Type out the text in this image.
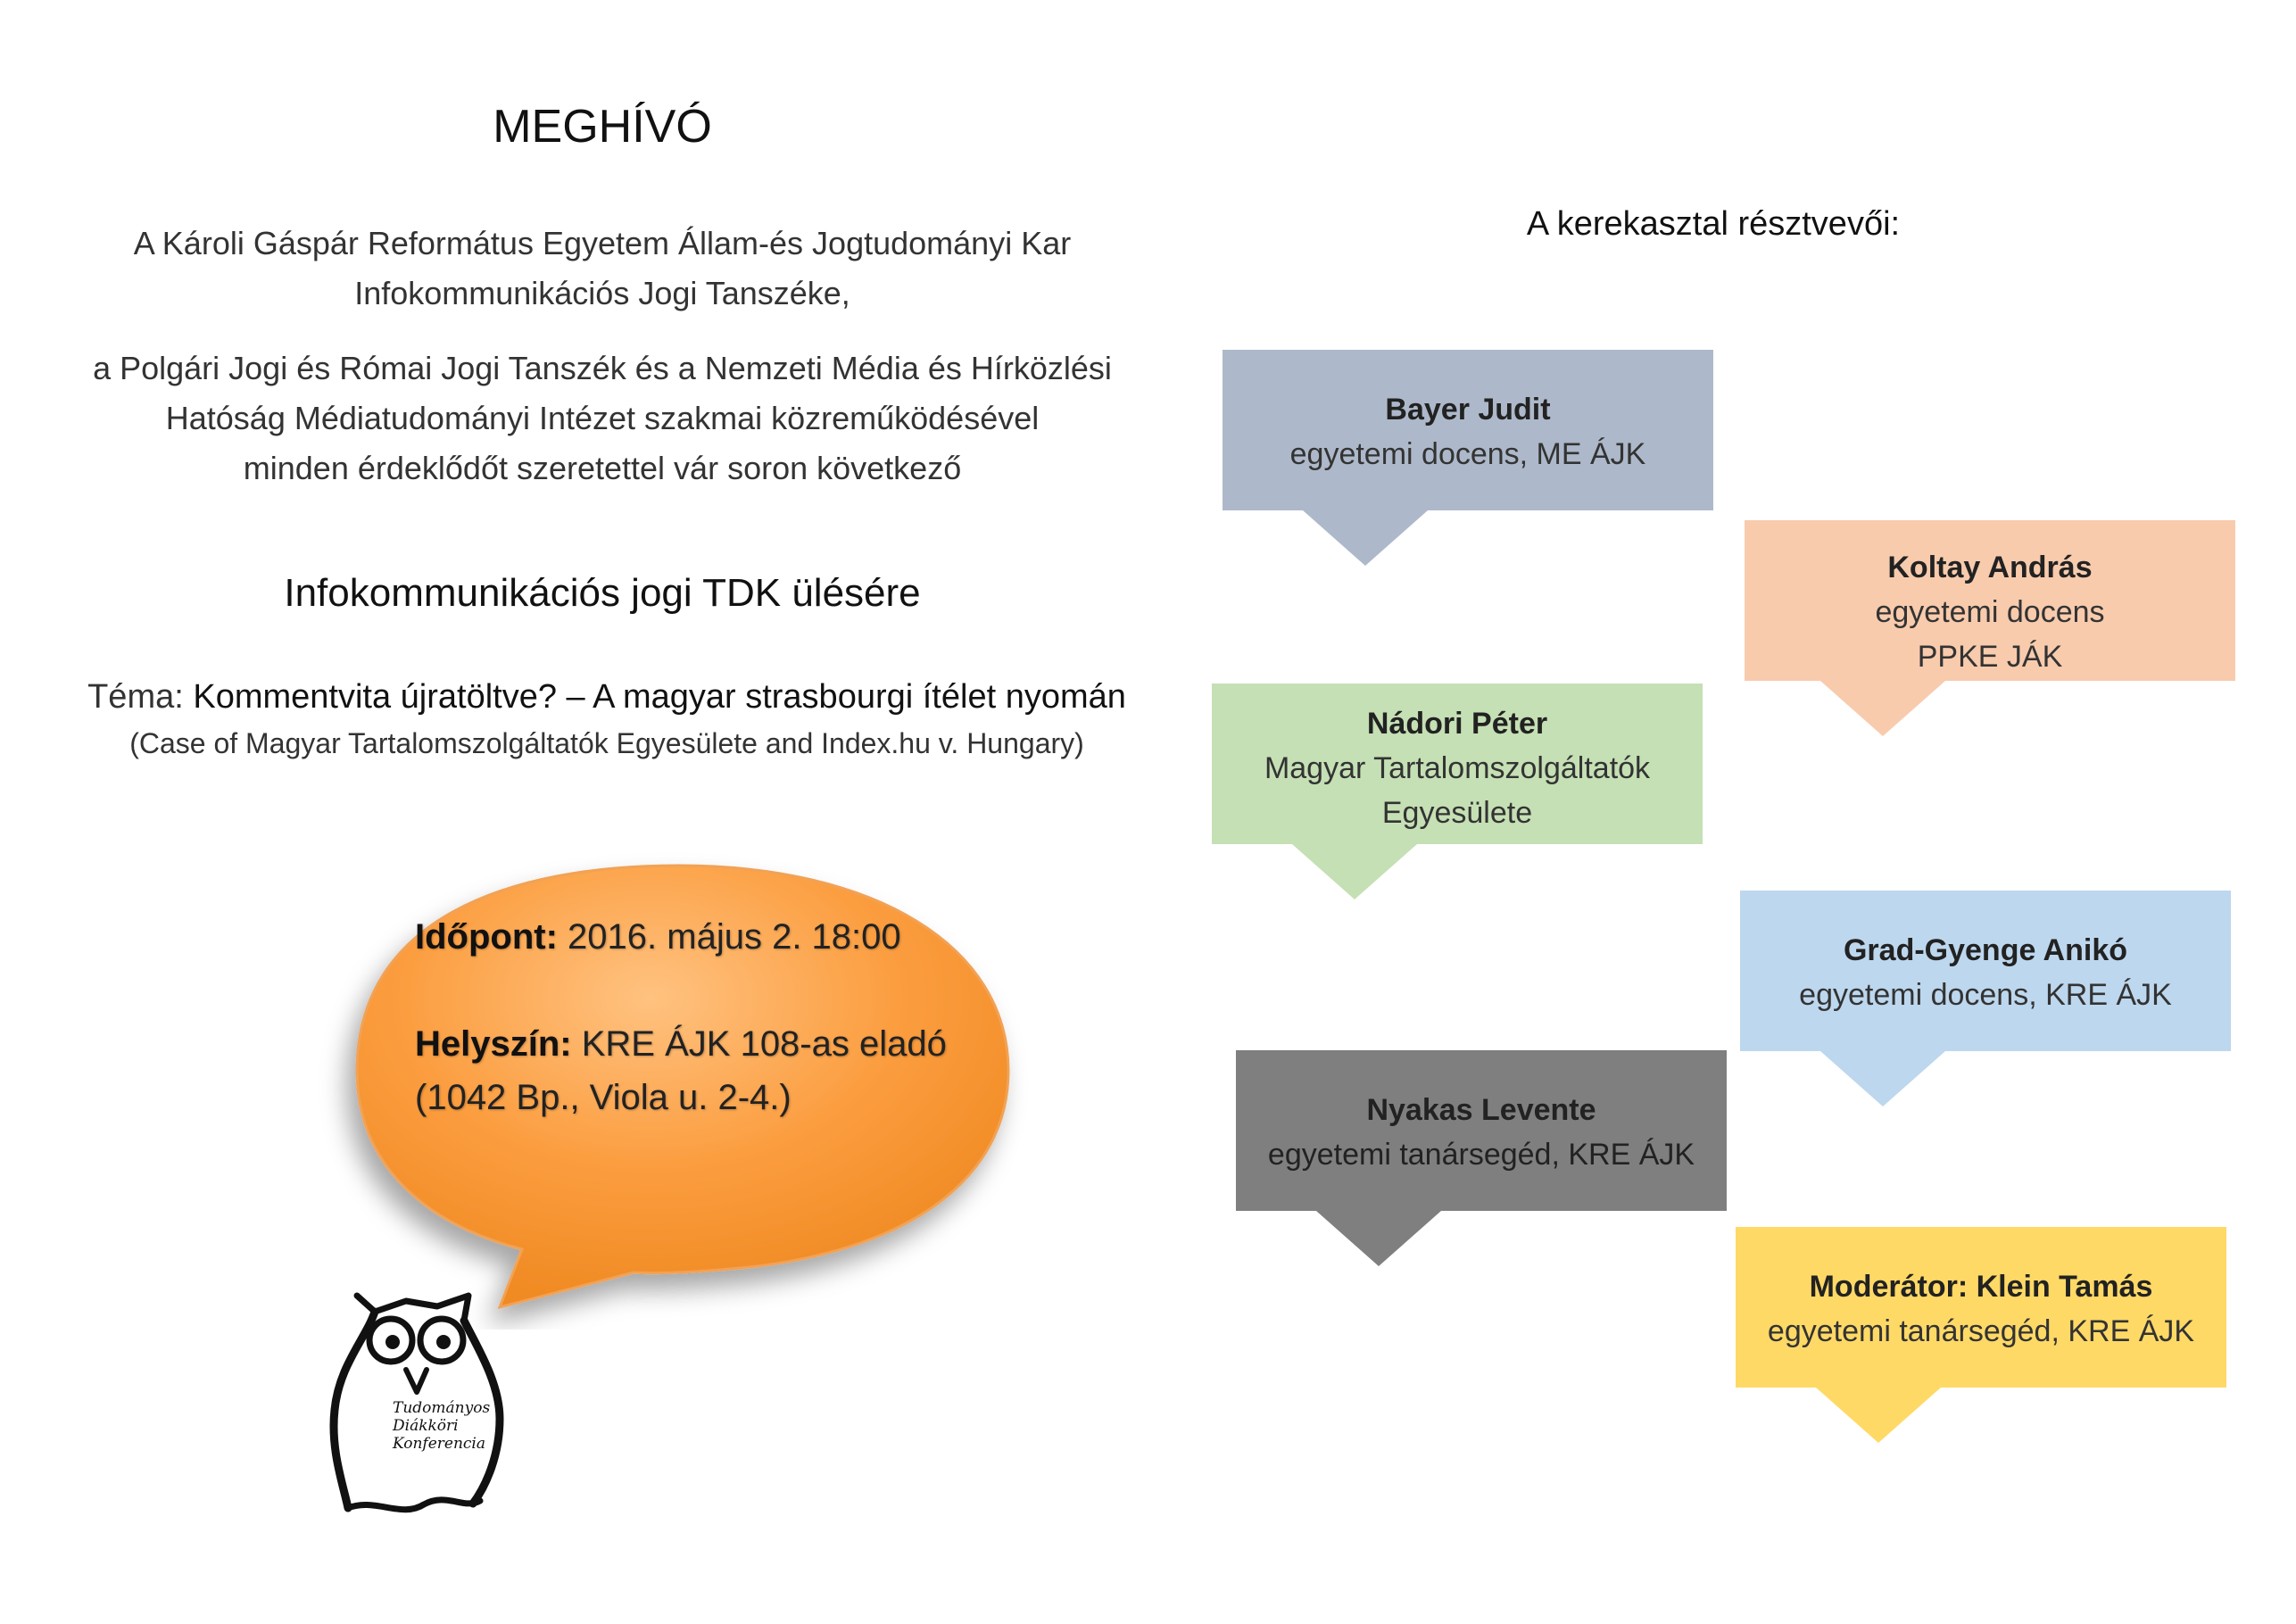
MEGHÍVÓ
A Károli Gáspár Református Egyetem Állam-és Jogtudományi Kar
Infokommunikációs Jogi Tanszéke,
a Polgári Jogi és Római Jogi Tanszék és a Nemzeti Média és Hírközlési
Hatóság Médiatudományi Intézet szakmai közreműködésével
minden érdeklődőt szeretettel vár soron következő
Infokommunikációs jogi TDK ülésére
Téma: Kommentvita újratöltve? – A magyar strasbourgi ítélet nyomán
(Case of Magyar Tartalomszolgáltatók Egyesülete and Index.hu v. Hungary)
Időpont: 2016. május 2. 18:00
Helyszín: KRE ÁJK 108-as eladó
(1042 Bp., Viola u. 2-4.)
Tudományos
Diákköri
Konferencia
A kerekasztal résztvevői:
Bayer Judit
egyetemi docens, ME ÁJK
Koltay András
egyetemi docens
PPKE JÁK
Nádori Péter
Magyar Tartalomszolgáltatók
Egyesülete
Grad-Gyenge Anikó
egyetemi docens, KRE ÁJK
Nyakas Levente
egyetemi tanársegéd, KRE ÁJK
Moderátor: Klein Tamás
egyetemi tanársegéd, KRE ÁJK
